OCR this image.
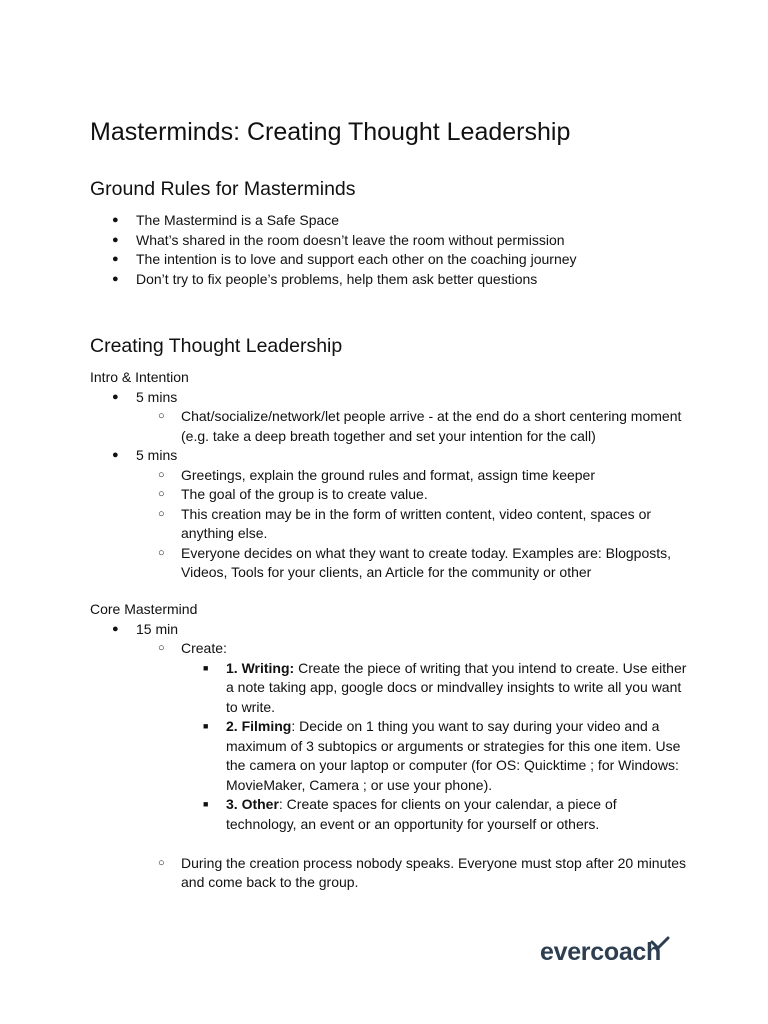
Masterminds: Creating Thought Leadership
Ground Rules for Masterminds
● The Mastermind is a Safe Space
● What’s shared in the room doesn’t leave the room without permission
● The intention is to love and support each other on the coaching journey
● Don’t try to fix people’s problems, help them ask better questions
Creating Thought Leadership

Intro & Intention

● 5 mins
○ Chat/socialize/network/let people arrive - at the end do a short centering moment (e.g. take a deep breath together and set your intention for the call)
● 5 mins
○ Greetings, explain the ground rules and format, assign time keeper
○ The goal of the group is to create value.
○ This creation may be in the form of written content, video content, spaces or anything else.
○ Everyone decides on what they want to create today. Examples are: Blogposts, Videos, Tools for your clients, an Article for the community or other

Core Mastermind

● 15 min
○ Create:
■ 1. Writing: Create the piece of writing that you intend to create. Use either a note taking app, google docs or mindvalley insights to write all you want to write.
■ 2. Filming: Decide on 1 thing you want to say during your video and a maximum of 3 subtopics or arguments or strategies for this one item. Use the camera on your laptop or computer (for OS: Quicktime ; for Windows: MovieMaker, Camera ; or use your phone).
■ 3. Other: Create spaces for clients on your calendar, a piece of technology, an event or an opportunity for yourself or others.
○ During the creation process nobody speaks. Everyone must stop after 20 minutes and come back to the group.
evercoach
